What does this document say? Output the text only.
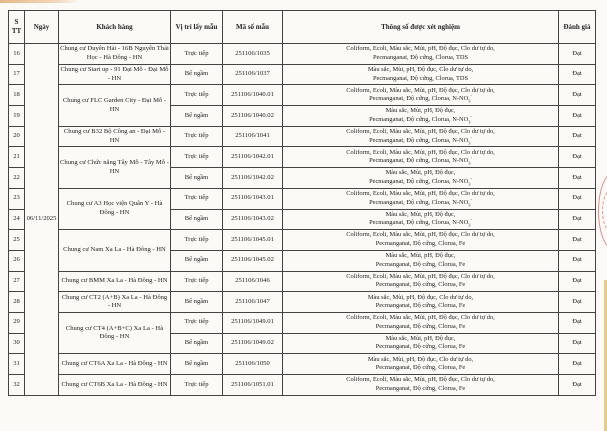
S TT	Ngày	Khách hàng	Vị trí lấy mẫu	Mã số mẫu	Thông số được xét nghiệm	Đánh giá
16	06/11/2025	Chung cư Duyên Hải - 16B Nguyễn Thái Học - Hà Đông - HN	Trực tiếp	251106/1035	Coliform, Ecoli, Màu sắc, Mùi, pH, Độ đục, Clo dư tự do,
Pecmanganat, Độ cứng, Clorua, TDS	Đạt
17		Chung cư Start up - 91 Đại Mỗ - Đại Mỗ - HN	Bể ngầm	251106/1037	Màu sắc, Mùi, pH, Độ đục, Clo dư tự do,
Pecmanganat, Độ cứng, Clorua, TDS	Đạt
18		Chung cư FLC Garden City - Đại Mỗ - HN	Trực tiếp	251106/1040.01	Coliform, Ecoli, Màu sắc, Mùi, pH, Độ đục, Clo dư tự do,
Pecmanganat, Độ cứng, Clorua, $N-NO_3^-$	Đạt
19			Bể ngầm	251106/1040.02	Màu sắc, Mùi, pH, Độ đục,
Pecmanganat, Độ cứng, Clorua, $N-NO_3^-$	Đạt
20		Chung cư B32 Bộ Công an - Đại Mỗ - HN	Trực tiếp	251106/1041	Coliform, Ecoli, Màu sắc, Mùi, pH, Độ đục, Clo dư tự do,
Pecmanganat, Độ cứng, Clorua, $N-NO_3^-$	Đạt
21		Chung cư Chức năng Tây Mỗ - Tây Mỗ - HN	Trực tiếp	251106/1042.01	Coliform, Ecoli, Màu sắc, Mùi, pH, Độ đục, Clo dư tự do,
Pecmanganat, Độ cứng, Clorua, $N-NO_3^-$	Đạt
22			Bể ngầm	251106/1042.02	Màu sắc, Mùi, pH, Độ đục,
Pecmanganat, Độ cứng, Clorua, $N-NO_3^-$	Đạt
23		Chung cư A3 Học viện Quân Y - Hà Đông - HN	Trực tiếp	251106/1043.01	Coliform, Ecoli, Màu sắc, Mùi, pH, Độ đục, Clo dư tự do,
Pecmanganat, Độ cứng, Clorua, $N-NO_3^-$	Đạt
24			Bể ngầm	251106/1043.02	Màu sắc, Mùi, pH, Độ đục,
Pecmanganat, Độ cứng, Clorua, $N-NO_3^-$	Đạt
25		Chung cư Nam Xa La - Hà Đông - HN	Trực tiếp	251106/1045.01	Coliform, Ecoli, Màu sắc, Mùi, pH, Độ đục, Clo dư tự do,
Pecmanganat, Độ cứng, Clorua, Fe	Đạt
26			Bể ngầm	251106/1045.02	Màu sắc, Mùi, pH, Độ đục,
Pecmanganat, Độ cứng, Clorua, Fe	Đạt
27		Chung cư BMM Xa La - Hà Đông - HN	Trực tiếp	251106/1046	Coliform, Ecoli, Màu sắc, Mùi, pH, Độ đục, Clo dư tự do,
Pecmanganat, Độ cứng, Clorua, Fe	Đạt
28		Chung cư CT2 (A+B) Xa La - Hà Đông - HN	Bể ngầm	251106/1047	Màu sắc, Mùi, pH, Độ đục, Clo dư tự do,
Pecmanganat, Độ cứng, Clorua, Fe	Đạt
29		Chung cư CT4 (A+B+C) Xa La - Hà Đông - HN	Trực tiếp	251106/1049.01	Coliform, Ecoli, Màu sắc, Mùi, pH, Độ đục, Clo dư tự do,
Pecmanganat, Độ cứng, Clorua, Fe	Đạt
30			Bể ngầm	251106/1049.02	Màu sắc, Mùi, pH, Độ đục,
Pecmanganat, Độ cứng, Clorua, Fe	Đạt
31		Chung cư CT6A Xa La - Hà Đông - HN	Bể ngầm	251106/1050	Màu sắc, Mùi, pH, Độ đục, Clo dư tự do,
Pecmanganat, Độ cứng, Clorua, Fe	Đạt
32		Chung cư CT6B Xa La - Hà Đông - HN	Trực tiếp	251106/1051.01	Coliform, Ecoli, Màu sắc, Mùi, pH, Độ đục, Clo dư tự do,
Pecmanganat, Độ cứng, Clorua, Fe	Đạt
